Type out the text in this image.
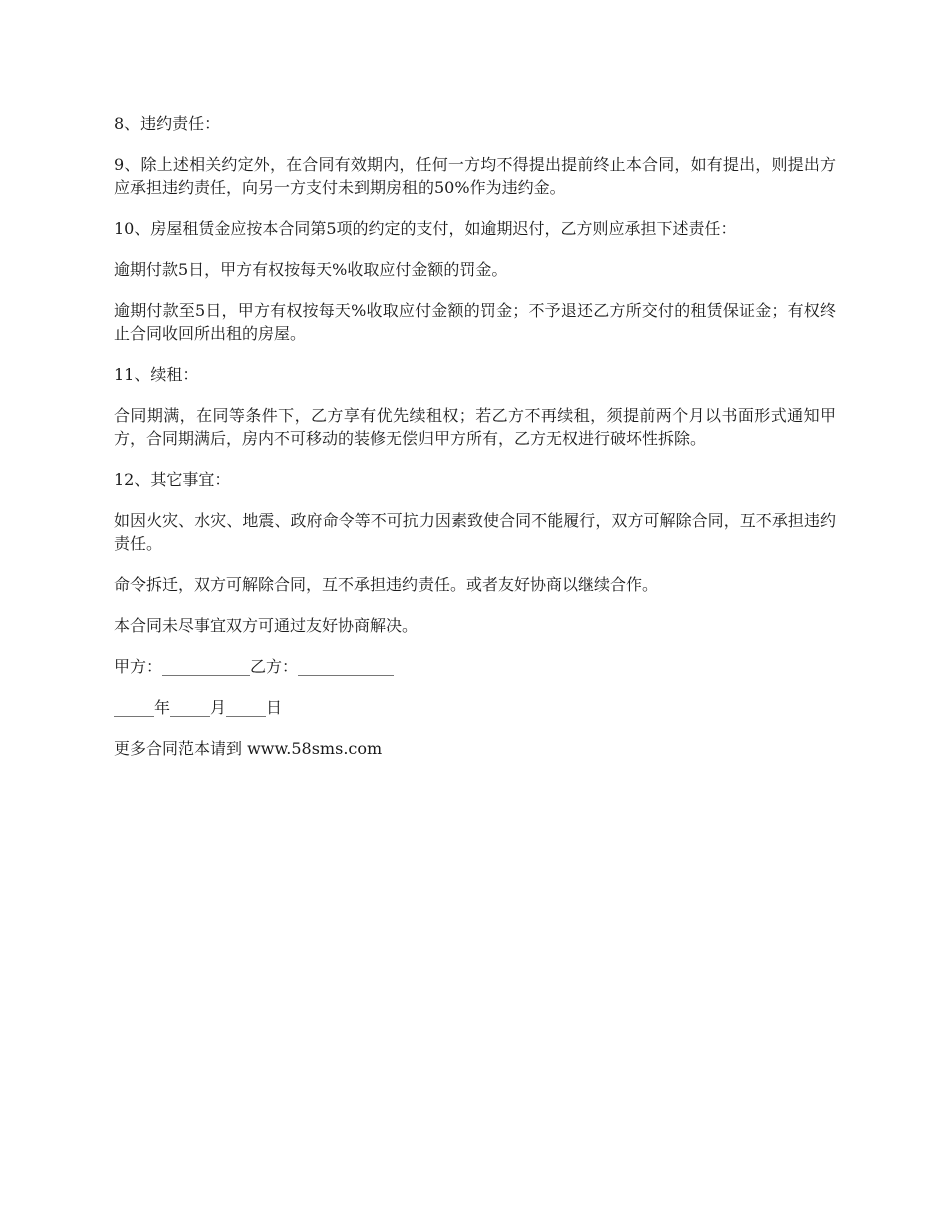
8、违约责任：

9、除上述相关约定外，在合同有效期内，任何一方均不得提出提前终止本合同，如有提出，则提出方应承担违约责任，向另一方支付未到期房租的50%作为违约金。

10、房屋租赁金应按本合同第5项的约定的支付，如逾期迟付，乙方则应承担下述责任：

逾期付款5日，甲方有权按每天%收取应付金额的罚金。

逾期付款至5日，甲方有权按每天%收取应付金额的罚金；不予退还乙方所交付的租赁保证金；有权终止合同收回所出租的房屋。

11、续租：

合同期满，在同等条件下，乙方享有优先续租权；若乙方不再续租，须提前两个月以书面形式通知甲方，合同期满后，房内不可移动的装修无偿归甲方所有，乙方无权进行破坏性拆除。

12、其它事宜：

如因火灾、水灾、地震、政府命令等不可抗力因素致使合同不能履行，双方可解除合同，互不承担违约责任。

命令拆迁，双方可解除合同，互不承担违约责任。或者友好协商以继续合作。

本合同未尽事宜双方可通过友好协商解决。

甲方：___________乙方：____________

_____年_____月_____日

更多合同范本请到 www.58sms.com
